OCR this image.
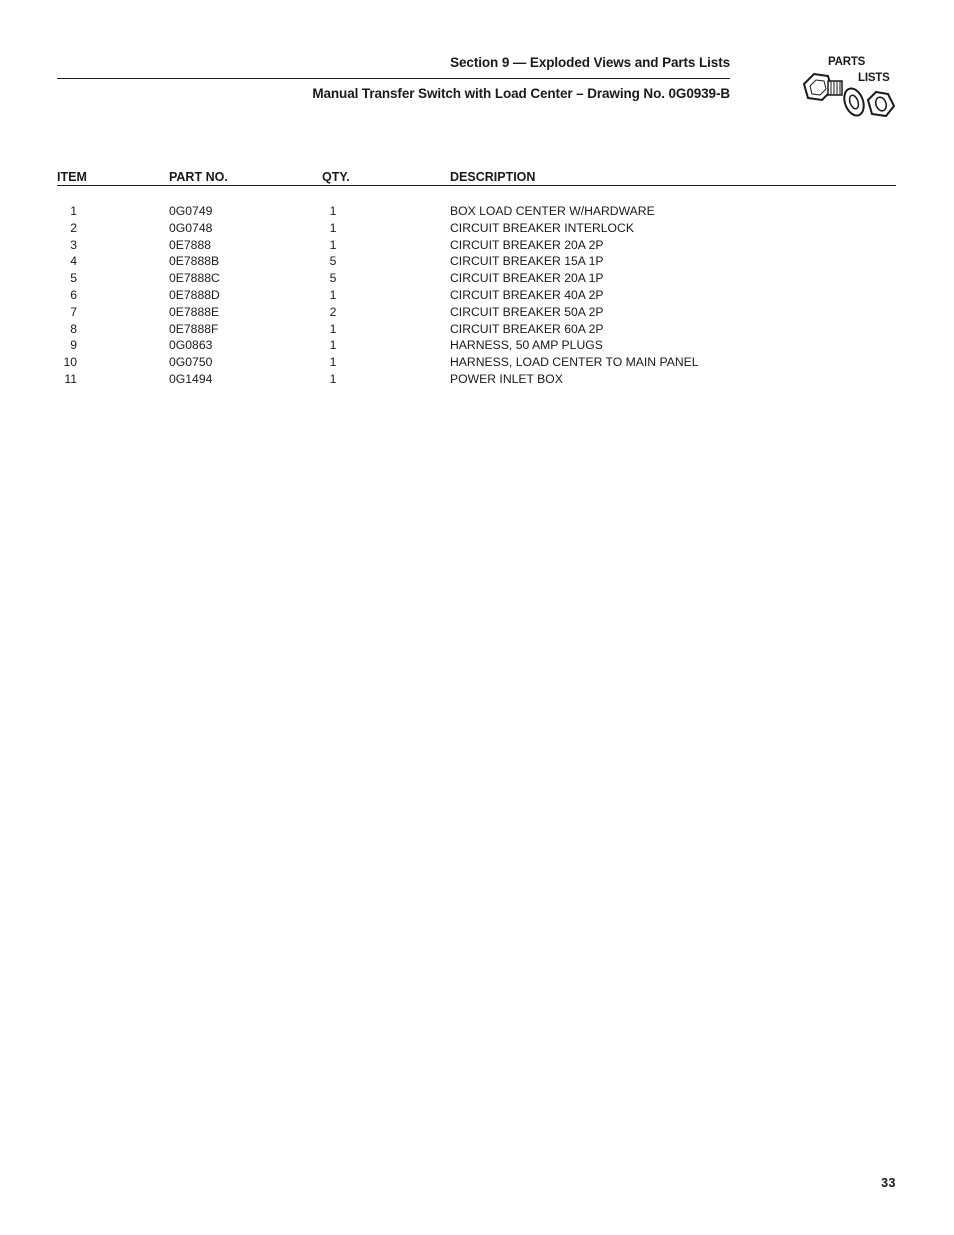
Section 9 — Exploded Views and Parts Lists
Manual Transfer Switch with Load Center – Drawing No. 0G0939-B
PARTS
LISTS
ITEM	PART NO.	QTY.	DESCRIPTION
1	0G0749	1	BOX LOAD CENTER W/HARDWARE
2	0G0748	1	CIRCUIT BREAKER INTERLOCK
3	0E7888	1	CIRCUIT BREAKER 20A 2P
4	0E7888B	5	CIRCUIT BREAKER 15A 1P
5	0E7888C	5	CIRCUIT BREAKER 20A 1P
6	0E7888D	1	CIRCUIT BREAKER 40A 2P
7	0E7888E	2	CIRCUIT BREAKER 50A 2P
8	0E7888F	1	CIRCUIT BREAKER 60A 2P
9	0G0863	1	HARNESS, 50 AMP PLUGS
10	0G0750	1	HARNESS, LOAD CENTER TO MAIN PANEL
11	0G1494	1	POWER INLET BOX
33
